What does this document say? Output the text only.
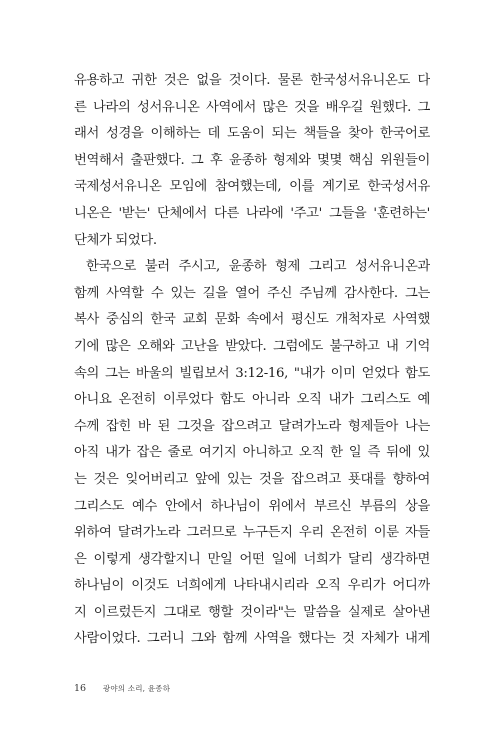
유용하고 귀한 것은 없을 것이다. 물론 한국성서유니온도 다
른 나라의 성서유니온 사역에서 많은 것을 배우길 원했다. 그
래서 성경을 이해하는 데 도움이 되는 책들을 찾아 한국어로
번역해서 출판했다. 그 후 윤종하 형제와 몇몇 핵심 위원들이
국제성서유니온 모임에 참여했는데, 이를 계기로 한국성서유
니온은 '받는' 단체에서 다른 나라에 '주고' 그들을 '훈련하는'
단체가 되었다.
한국으로 불러 주시고, 윤종하 형제 그리고 성서유니온과
함께 사역할 수 있는 길을 열어 주신 주님께 감사한다. 그는
복사 중심의 한국 교회 문화 속에서 평신도 개척자로 사역했
기에 많은 오해와 고난을 받았다. 그럼에도 불구하고 내 기억
속의 그는 바울의 빌립보서 3:12-16, "내가 이미 얻었다 함도
아니요 온전히 이루었다 함도 아니라 오직 내가 그리스도 예
수께 잡힌 바 된 그것을 잡으려고 달려가노라 형제들아 나는
아직 내가 잡은 줄로 여기지 아니하고 오직 한 일 즉 뒤에 있
는 것은 잊어버리고 앞에 있는 것을 잡으려고 푯대를 향하여
그리스도 예수 안에서 하나님이 위에서 부르신 부름의 상을
위하여 달려가노라 그러므로 누구든지 우리 온전히 이룬 자들
은 이렇게 생각할지니 만일 어떤 일에 너희가 달리 생각하면
하나님이 이것도 너희에게 나타내시리라 오직 우리가 어디까
지 이르렀든지 그대로 행할 것이라"는 말씀을 실제로 살아낸
사람이었다. 그러니 그와 함께 사역을 했다는 것 자체가 내게
16 광야의 소리, 윤종하
